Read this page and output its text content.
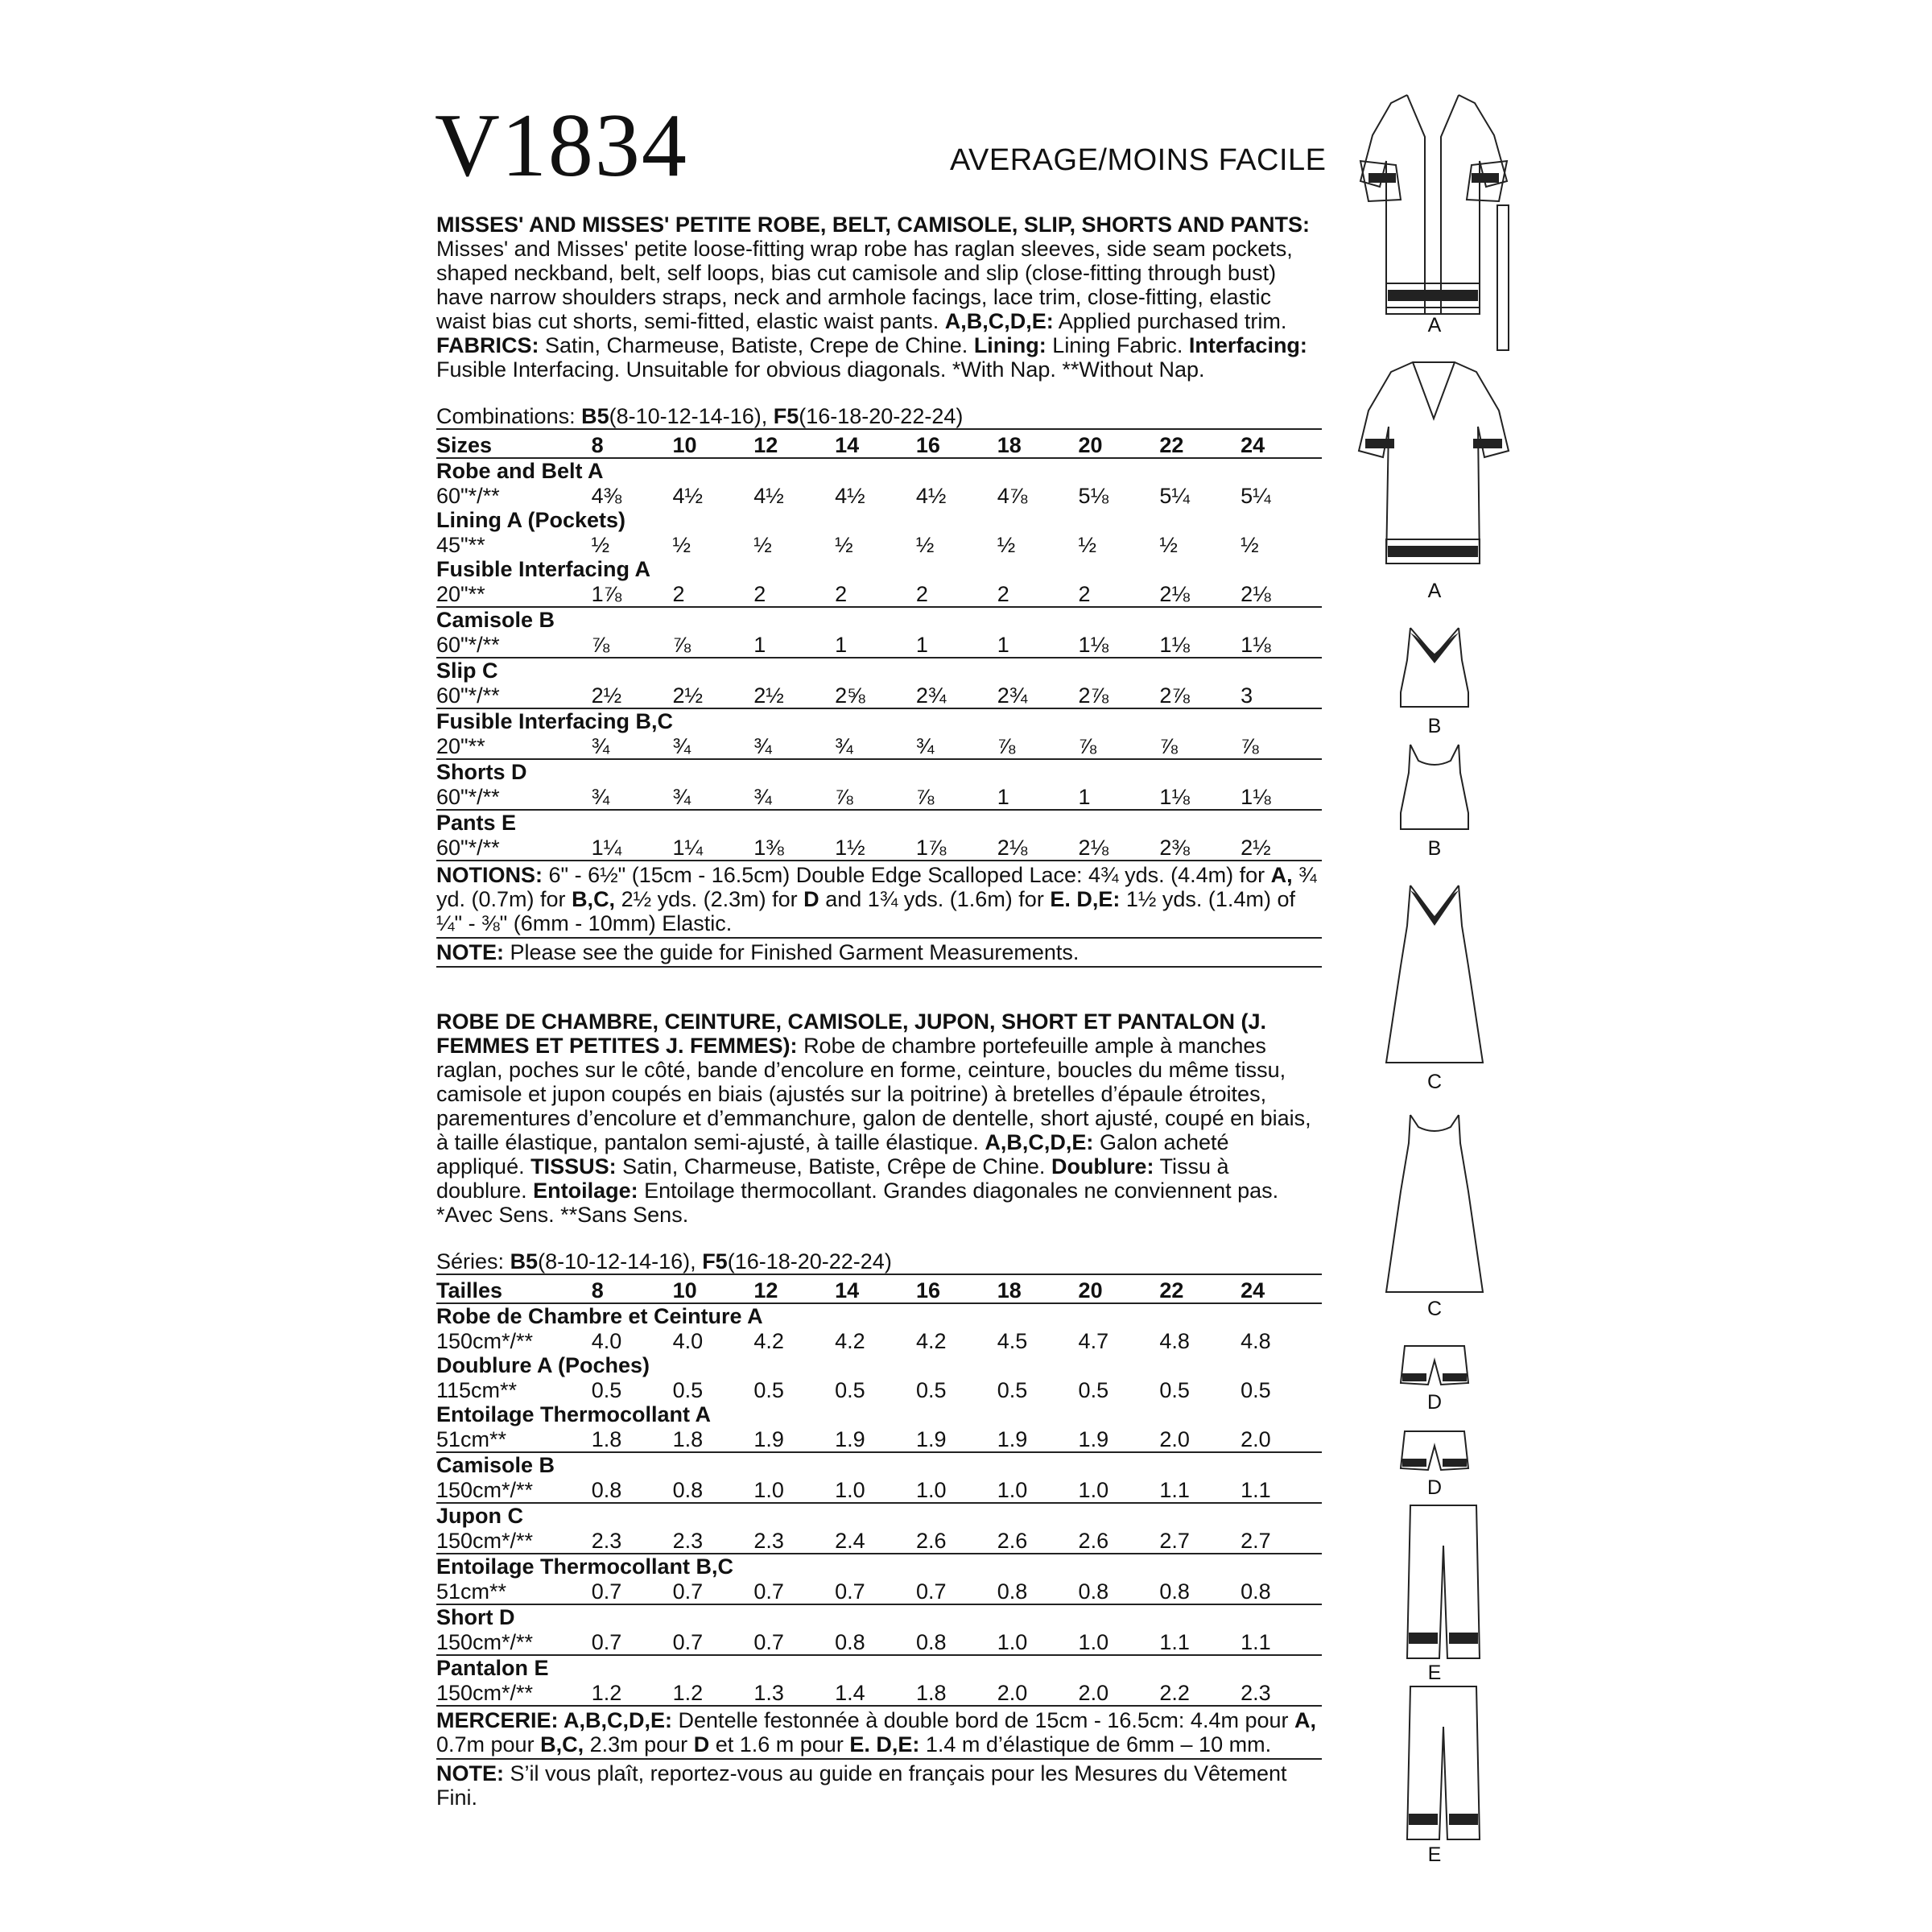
V1834	AVERAGE/MOINS FACILE
MISSES' AND MISSES' PETITE ROBE, BELT, CAMISOLE, SLIP, SHORTS AND PANTS: Misses' and Misses' petite loose-fitting wrap robe has raglan sleeves, side seam pockets, shaped neckband, belt, self loops, bias cut camisole and slip (close-fitting through bust) have narrow shoulders straps, neck and armhole facings, lace trim, close-fitting, elastic waist bias cut shorts, semi-fitted, elastic waist pants. A,B,C,D,E: Applied purchased trim. FABRICS: Satin, Charmeuse, Batiste, Crepe de Chine. Lining: Lining Fabric. Interfacing: Fusible Interfacing. Unsuitable for obvious diagonals. *With Nap. **Without Nap.
Combinations: B5(8-10-12-14-16), F5(16-18-20-22-24)
Sizes	8	10	12	14	16	18	20	22	24
Robe and Belt A									
60"*/**	4⅜	4½	4½	4½	4½	4⅞	5⅛	5¼	5¼
Lining A (Pockets)									
45"**	½	½	½	½	½	½	½	½	½
Fusible Interfacing A									
20"**	1⅞	2	2	2	2	2	2	2⅛	2⅛
Camisole B									
60"*/**	⅞	⅞	1	1	1	1	1⅛	1⅛	1⅛
Slip C									
60"*/**	2½	2½	2½	2⅝	2¾	2¾	2⅞	2⅞	3
Fusible Interfacing B,C									
20"**	¾	¾	¾	¾	¾	⅞	⅞	⅞	⅞
Shorts D									
60"*/**	¾	¾	¾	⅞	⅞	1	1	1⅛	1⅛
Pants E									
60"*/**	1¼	1¼	1⅜	1½	1⅞	2⅛	2⅛	2⅜	2½
NOTIONS: 6" - 6½" (15cm - 16.5cm) Double Edge Scalloped Lace: 4¾ yds. (4.4m) for A, ¾ yd. (0.7m) for B,C, 2½ yds. (2.3m) for D and 1¾ yds. (1.6m) for E. D,E: 1½ yds. (1.4m) of ¼" - ⅜" (6mm - 10mm) Elastic.
NOTE: Please see the guide for Finished Garment Measurements.
ROBE DE CHAMBRE, CEINTURE, CAMISOLE, JUPON, SHORT ET PANTALON (J. FEMMES ET PETITES J. FEMMES): Robe de chambre portefeuille ample à manches raglan, poches sur le côté, bande d’encolure en forme, ceinture, boucles du même tissu, camisole et jupon coupés en biais (ajustés sur la poitrine) à bretelles d’épaule étroites, parementures d’encolure et d’emmanchure, galon de dentelle, short ajusté, coupé en biais, à taille élastique, pantalon semi-ajusté, à taille élastique. A,B,C,D,E: Galon acheté appliqué. TISSUS: Satin, Charmeuse, Batiste, Crêpe de Chine. Doublure: Tissu à doublure. Entoilage: Entoilage thermocollant. Grandes diagonales ne conviennent pas. *Avec Sens. **Sans Sens.
Séries: B5(8-10-12-14-16), F5(16-18-20-22-24)
Tailles	8	10	12	14	16	18	20	22	24
Robe de Chambre et Ceinture A									
150cm*/**	4.0	4.0	4.2	4.2	4.2	4.5	4.7	4.8	4.8
Doublure A (Poches)									
115cm**	0.5	0.5	0.5	0.5	0.5	0.5	0.5	0.5	0.5
Entoilage Thermocollant A									
51cm**	1.8	1.8	1.9	1.9	1.9	1.9	1.9	2.0	2.0
Camisole B									
150cm*/**	0.8	0.8	1.0	1.0	1.0	1.0	1.0	1.1	1.1
Jupon C									
150cm*/**	2.3	2.3	2.3	2.4	2.6	2.6	2.6	2.7	2.7
Entoilage Thermocollant B,C									
51cm**	0.7	0.7	0.7	0.7	0.7	0.8	0.8	0.8	0.8
Short D									
150cm*/**	0.7	0.7	0.7	0.8	0.8	1.0	1.0	1.1	1.1
Pantalon E									
150cm*/**	1.2	1.2	1.3	1.4	1.8	2.0	2.0	2.2	2.3
MERCERIE: A,B,C,D,E: Dentelle festonnée à double bord de 15cm - 16.5cm: 4.4m pour A, 0.7m pour B,C, 2.3m pour D et 1.6 m pour E. D,E: 1.4 m d’élastique de 6mm – 10 mm.
NOTE: S’il vous plaît, reportez-vous au guide en français pour les Mesures du Vêtement Fini.
A
A
B
B
C
C
D
D
E
E
